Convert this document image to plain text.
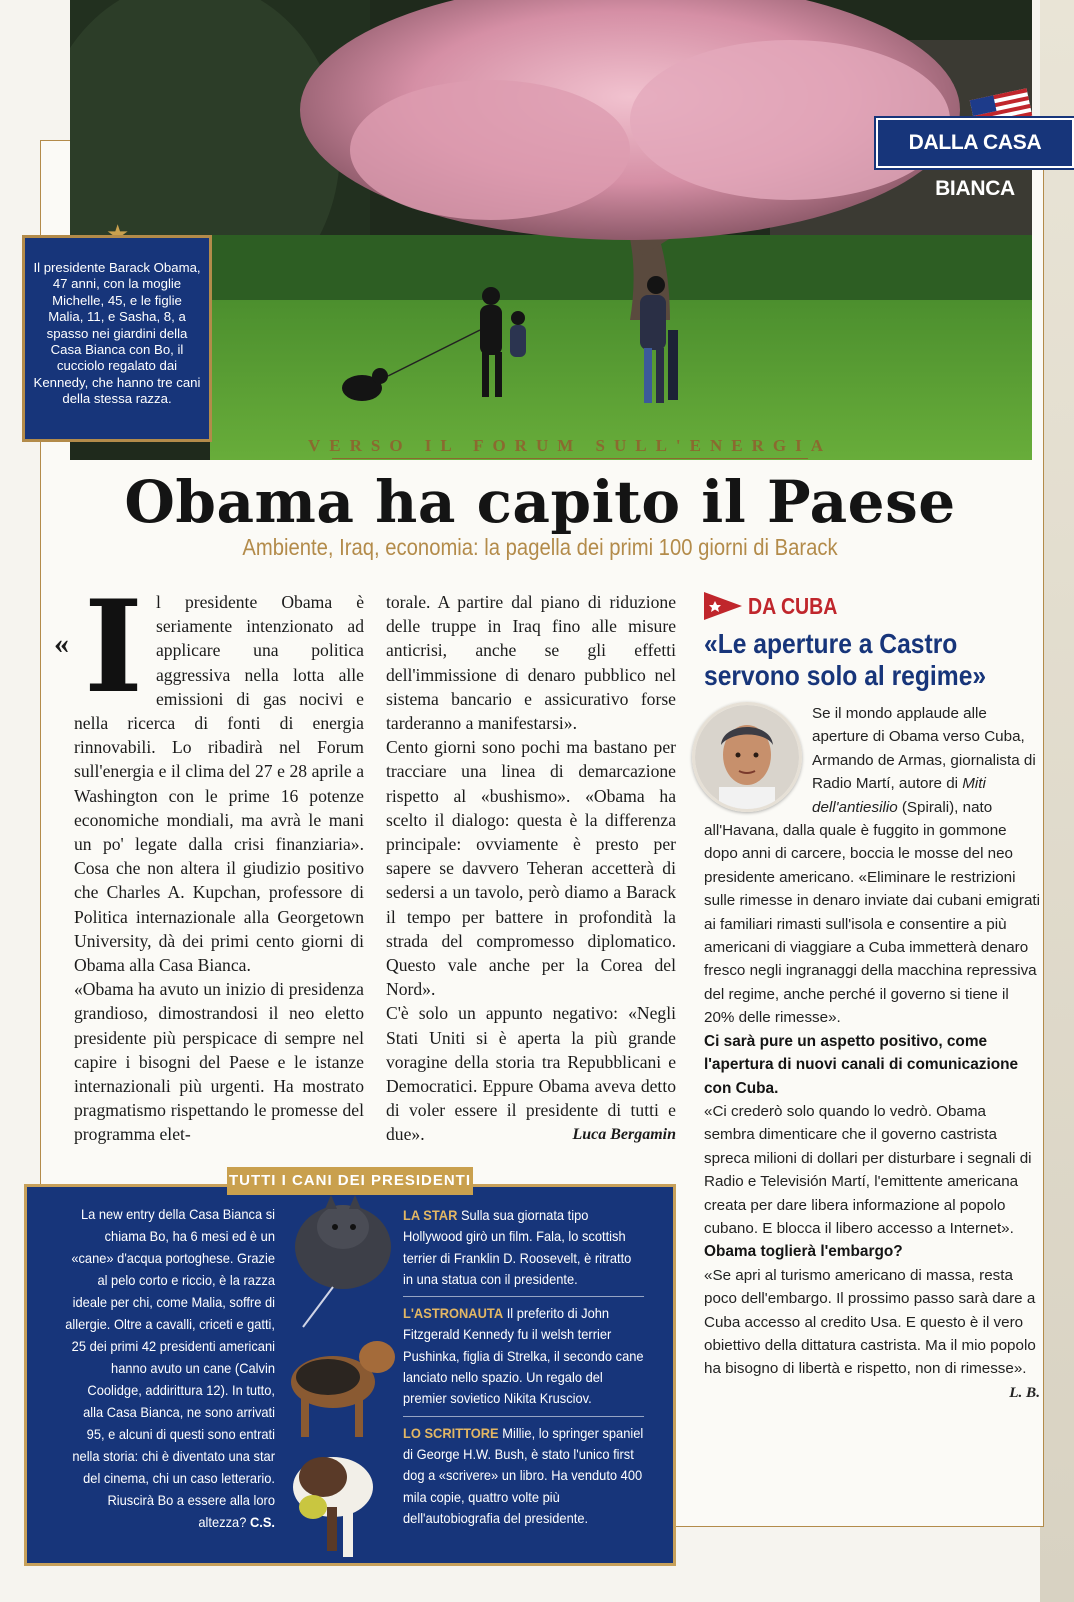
DALLA CASA BIANCA
Il presidente Barack Obama, 47 anni, con la moglie Michelle, 45, e le figlie Malia, 11, e Sasha, 8, a spasso nei giardini della Casa Bianca con Bo, il cucciolo regalato dai Kennedy, che hanno tre cani della stessa razza.
VERSO IL FORUM SULL'ENERGIA
Obama ha capito il Paese
Ambiente, Iraq, economia: la pagella dei primi 100 giorni di Barack
« I l presidente Obama è seriamente intenzionato ad applicare una politica aggressiva nella lotta alle emissioni di gas nocivi e nella ricerca di fonti di energia rinnovabili. Lo ribadirà nel Forum sull'energia e il clima del 27 e 28 aprile a Washington con le prime 16 potenze economiche mondiali, ma avrà le mani un po' legate dalla crisi finanziaria». Cosa che non altera il giudizio positivo che Charles A. Kupchan, professore di Politica internazionale alla Georgetown University, dà dei primi cento giorni di Obama alla Casa Bianca.
«Obama ha avuto un inizio di presidenza grandioso, dimostrandosi il neo eletto presidente più perspicace di sempre nel capire i bisogni del Paese e le istanze internazionali più urgenti. Ha mostrato pragmatismo rispettando le promesse del programma elet-
torale. A partire dal piano di riduzione delle truppe in Iraq fino alle misure anticrisi, anche se gli effetti dell'immissione di denaro pubblico nel sistema bancario e assicurativo forse tarderanno a manifestarsi».
Cento giorni sono pochi ma bastano per tracciare una linea di demarcazione rispetto al «bushismo». «Obama ha scelto il dialogo: questa è la differenza principale: ovviamente è presto per sapere se davvero Teheran accetterà di sedersi a un tavolo, però diamo a Barack il tempo per battere in profondità la strada del compromesso diplomatico. Questo vale anche per la Corea del Nord».
C'è solo un appunto negativo: «Negli Stati Uniti si è aperta la più grande voragine della storia tra Repubblicani e Democratici. Eppure Obama aveva detto di voler essere il presidente di tutti e due».	Luca Bergamin
DA CUBA
«Le aperture a Castro
servono solo al regime»

Se il mondo applaude alle aperture di Obama verso Cuba, Armando de Armas, giornalista di Radio Martí, autore di Miti dell'antiesilio (Spirali), nato all'Havana, dalla quale è fuggito in gommone dopo anni di carcere, boccia le mosse del neo presidente americano. «Eliminare le restrizioni sulle rimesse in denaro inviate dai cubani emigrati ai familiari rimasti sull'isola e consentire a più americani di viaggiare a Cuba immetterà denaro fresco negli ingranaggi della macchina repressiva del regime, anche perché il governo si tiene il 20% delle rimesse».

Ci sarà pure un aspetto positivo, come l'apertura di nuovi canali di comunicazione con Cuba.

«Ci crederò solo quando lo vedrò. Obama sembra dimenticare che il governo castrista spreca milioni di dollari per disturbare i segnali di Radio e Televisión Martí, l'emittente americana creata per dare libera informazione al popolo cubano. E blocca il libero accesso a Internet».

Obama toglierà l'embargo?

«Se apri al turismo americano di massa, resta poco dell'embargo. Il prossimo passo sarà dare a Cuba accesso al credito Usa. E questo è il vero obiettivo della dittatura castrista. Ma il mio popolo ha bisogno di libertà e rispetto, non di rimesse».
L. B.

TUTTI I CANI DEI PRESIDENTI
La new entry della Casa Bianca si chiama Bo, ha 6 mesi ed è un «cane» d'acqua portoghese. Grazie al pelo corto e riccio, è la razza ideale per chi, come Malia, soffre di allergie. Oltre a cavalli, criceti e gatti, 25 dei primi 42 presidenti americani hanno avuto un cane (Calvin Coolidge, addirittura 12). In tutto, alla Casa Bianca, ne sono arrivati 95, e alcuni di questi sono entrati nella storia: chi è diventato una star del cinema, chi un caso letterario. Riuscirà Bo a essere alla loro altezza? C.S.
LA STAR Sulla sua giornata tipo Hollywood girò un film. Fala, lo scottish terrier di Franklin D. Roosevelt, è ritratto in una statua con il presidente.
L'ASTRONAUTA Il preferito di John Fitzgerald Kennedy fu il welsh terrier Pushinka, figlia di Strelka, il secondo cane lanciato nello spazio. Un regalo del premier sovietico Nikita Krusciov.
LO SCRITTORE Millie, lo springer spaniel di George H.W. Bush, è stato l'unico first dog a «scrivere» un libro. Ha venduto 400 mila copie, quattro volte più dell'autobiografia del presidente.
